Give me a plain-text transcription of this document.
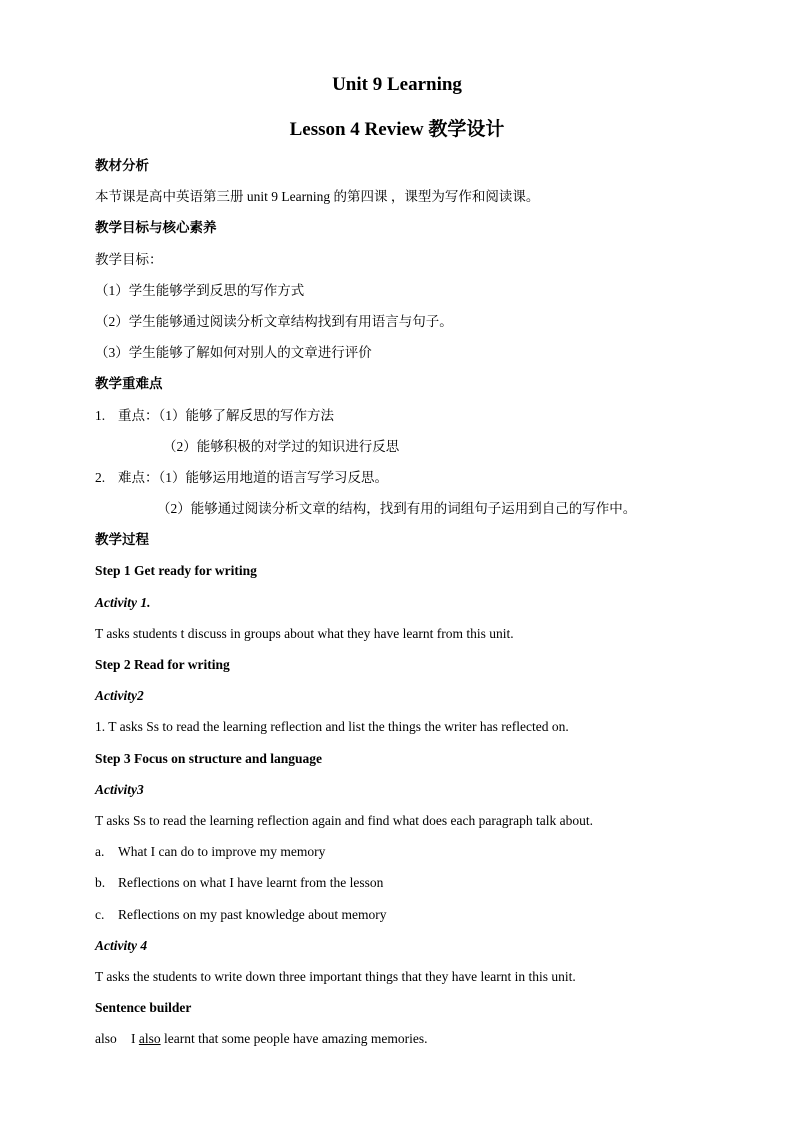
Unit 9 Learning
Lesson 4 Review 教学设计
教材分析
本节课是高中英语第三册 unit 9 Learning 的第四课 ，课型为写作和阅读课。
教学目标与核心素养
教学目标：
（1）学生能够学到反思的写作方式
（2）学生能够通过阅读分析文章结构找到有用语言与句子。
（3）学生能够了解如何对别人的文章进行评价
教学重难点
1. 重点：（1）能够了解反思的写作方法
（2）能够积极的对学过的知识进行反思
2. 难点：（1）能够运用地道的语言写学习反思。
（2）能够通过阅读分析文章的结构，找到有用的词组句子运用到自己的写作中。
教学过程
Step 1 Get ready for writing
Activity 1.
T asks students t discuss in groups about what they have learnt from this unit.
Step 2 Read for writing
Activity2
1. T asks Ss to read the learning reflection and list the things the writer has reflected on.
Step 3 Focus on structure and language
Activity3
T asks Ss to read the learning reflection again and find what does each paragraph talk about.
a. What I can do to improve my memory
b. Reflections on what I have learnt from the lesson
c. Reflections on my past knowledge about memory
Activity 4
T asks the students to write down three important things that they have learnt in this unit.
Sentence builder
also I also learnt that some people have amazing memories.
